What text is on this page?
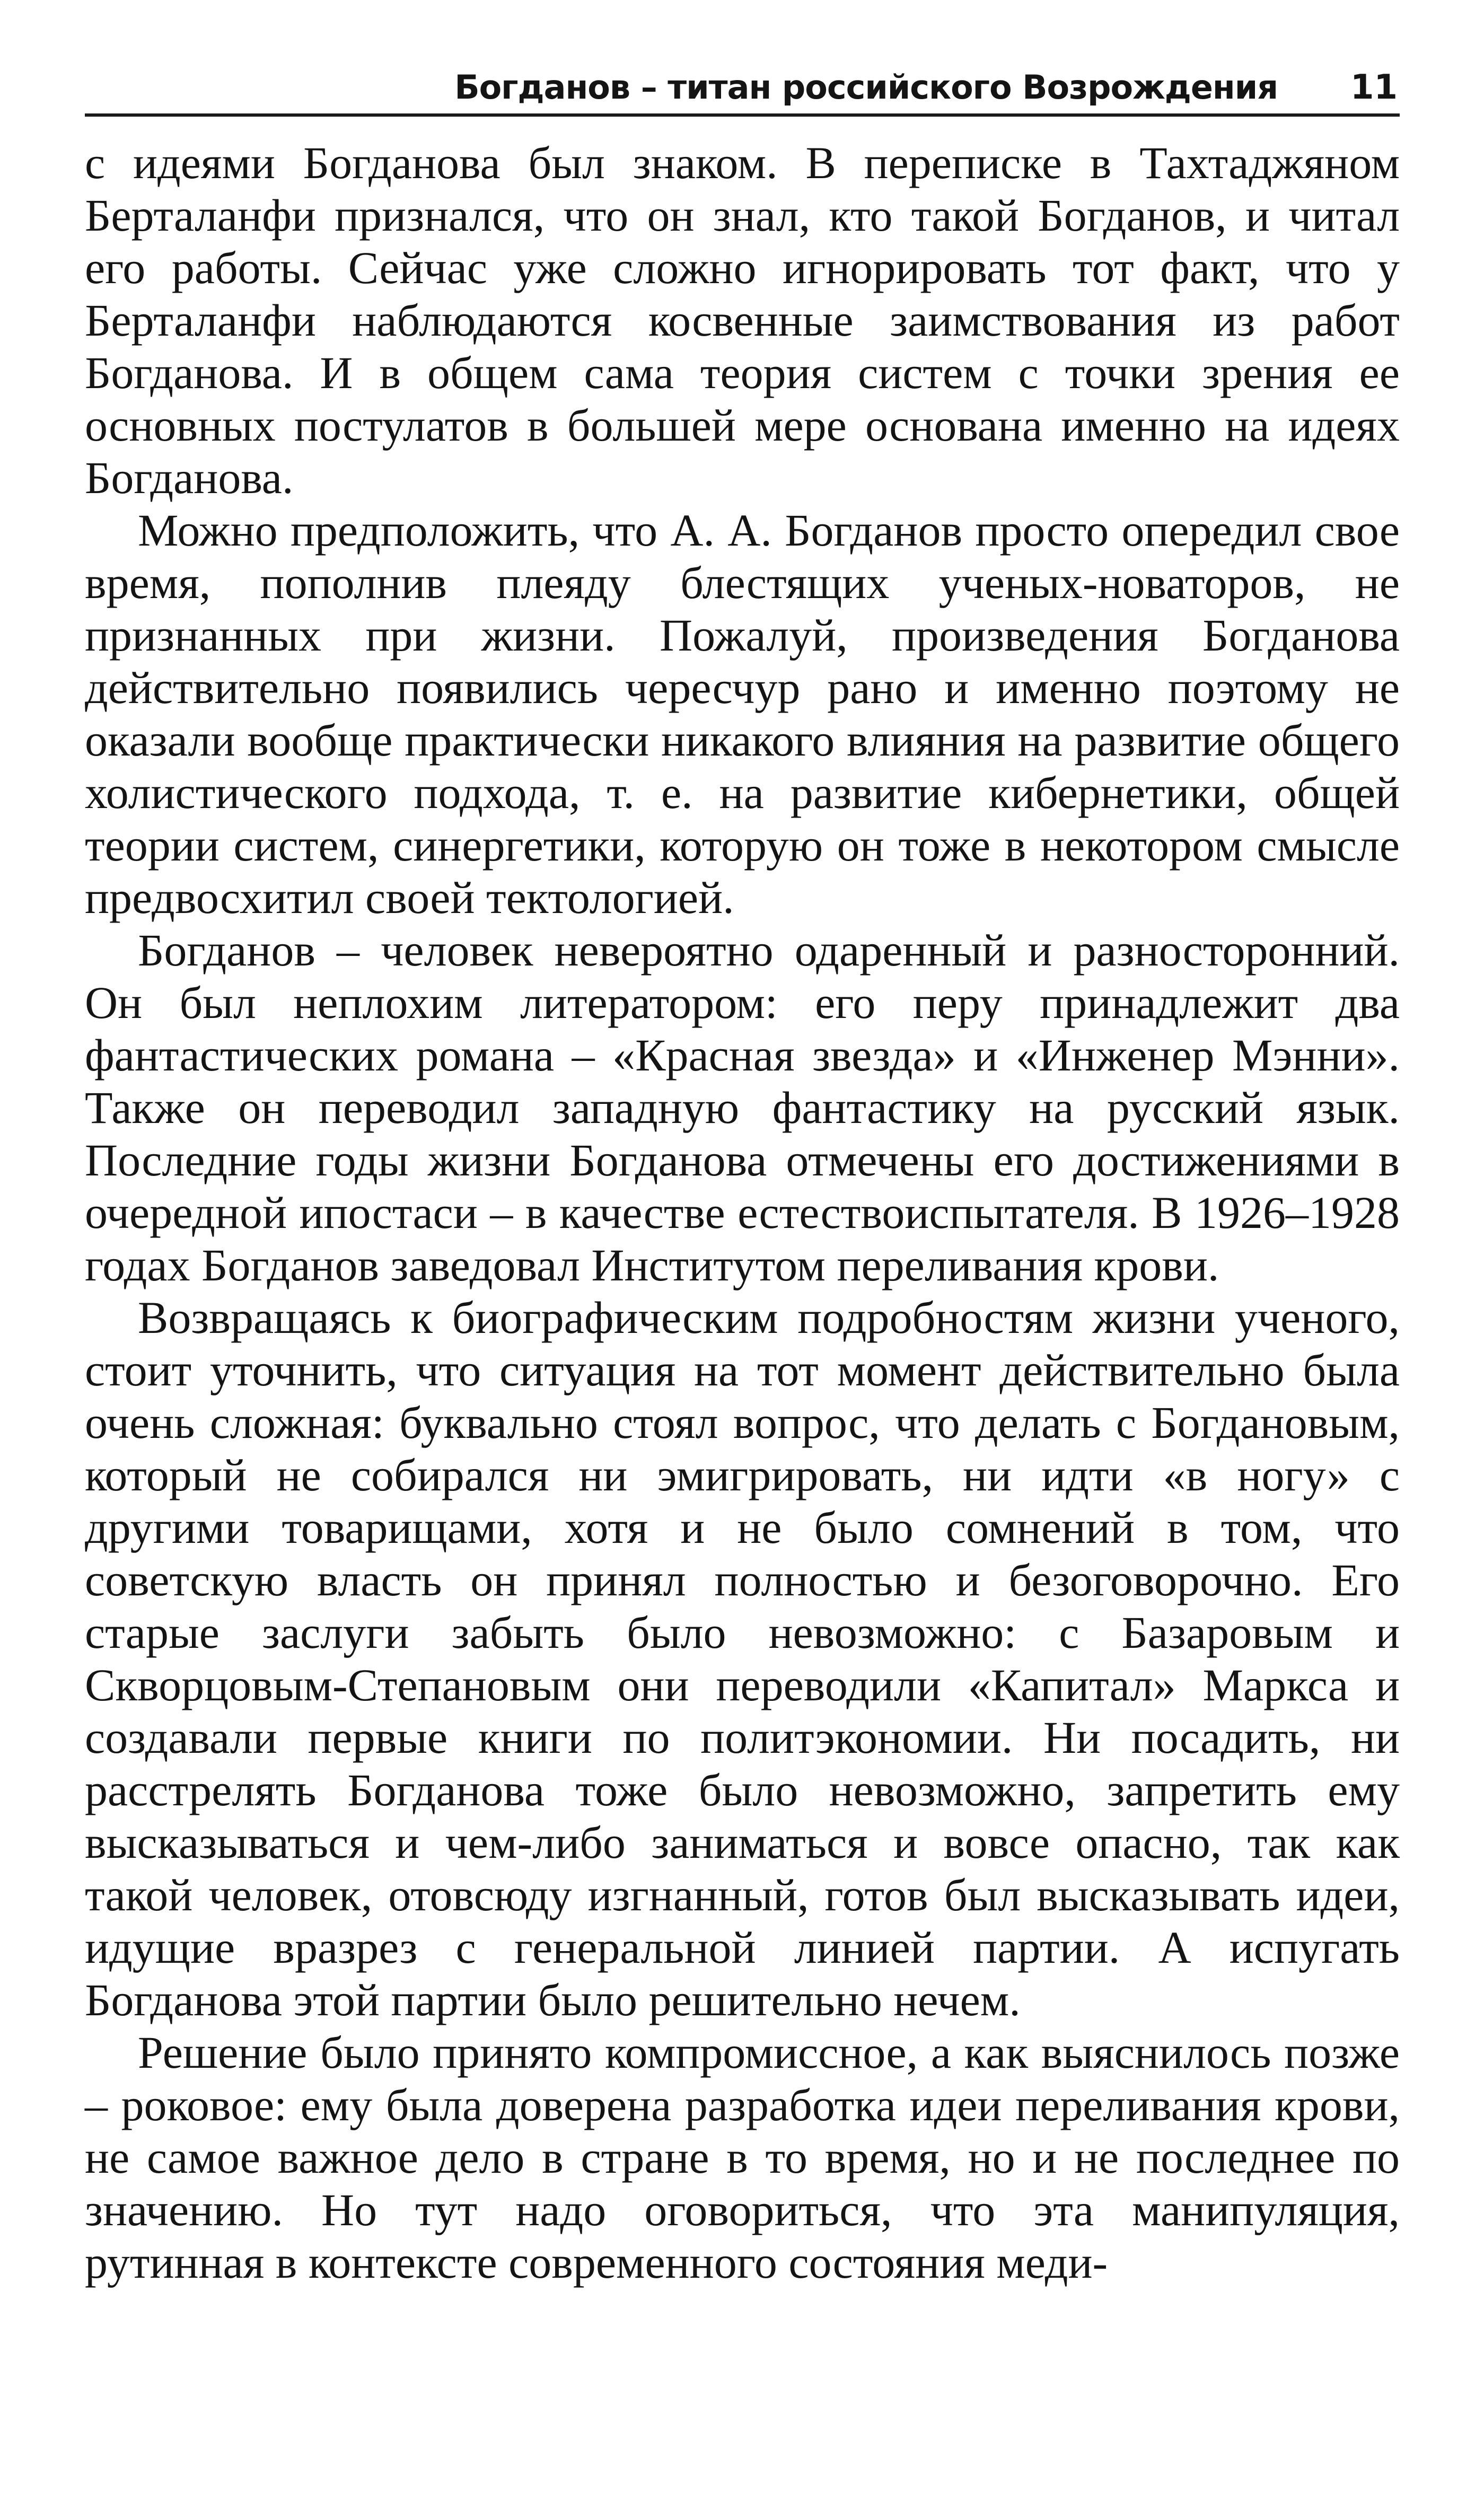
Богданов – титан российского Возрождения 11

с идеями Богданова был знаком. В переписке в Тахтаджяном Берталанфи признался, что он знал, кто такой Богданов, и читал его работы. Сейчас уже сложно игнорировать тот факт, что у Берталанфи наблюдаются косвенные заимствования из работ Богданова. И в общем сама теория систем с точки зрения ее основных постулатов в большей мере основана именно на идеях Богданова.

Можно предположить, что А. А. Богданов просто опередил свое время, пополнив плеяду блестящих ученых-новаторов, не признанных при жизни. Пожалуй, произведения Богданова действительно появились чересчур рано и именно поэтому не оказали вообще практически никакого влияния на развитие общего холистического подхода, т. е. на развитие кибернетики, общей теории систем, синергетики, которую он тоже в некотором смысле предвосхитил своей тектологией.

Богданов – человек невероятно одаренный и разносторонний. Он был неплохим литератором: его перу принадлежит два фантастических романа – «Красная звезда» и «Инженер Мэнни». Также он переводил западную фантастику на русский язык. Последние годы жизни Богданова отмечены его достижениями в очередной ипостаси – в качестве естествоиспытателя. В 1926–1928 годах Богданов заведовал Институтом переливания крови.

Возвращаясь к биографическим подробностям жизни ученого, стоит уточнить, что ситуация на тот момент действительно была очень сложная: буквально стоял вопрос, что делать с Богдановым, который не собирался ни эмигрировать, ни идти «в ногу» с другими товарищами, хотя и не было сомнений в том, что советскую власть он принял полностью и безоговорочно. Его старые заслуги забыть было невозможно: с Базаровым и Скворцовым-Степановым они переводили «Капитал» Маркса и создавали первые книги по политэкономии. Ни посадить, ни расстрелять Богданова тоже было невозможно, запретить ему высказываться и чем-либо заниматься и вовсе опасно, так как такой человек, отовсюду изгнанный, готов был высказывать идеи, идущие вразрез с генеральной линией партии. А испугать Богданова этой партии было решительно нечем.

Решение было принято компромиссное, а как выяснилось позже – роковое: ему была доверена разработка идеи переливания крови, не самое важное дело в стране в то время, но и не последнее по значению. Но тут надо оговориться, что эта манипуляция, рутинная в контексте современного состояния меди-
